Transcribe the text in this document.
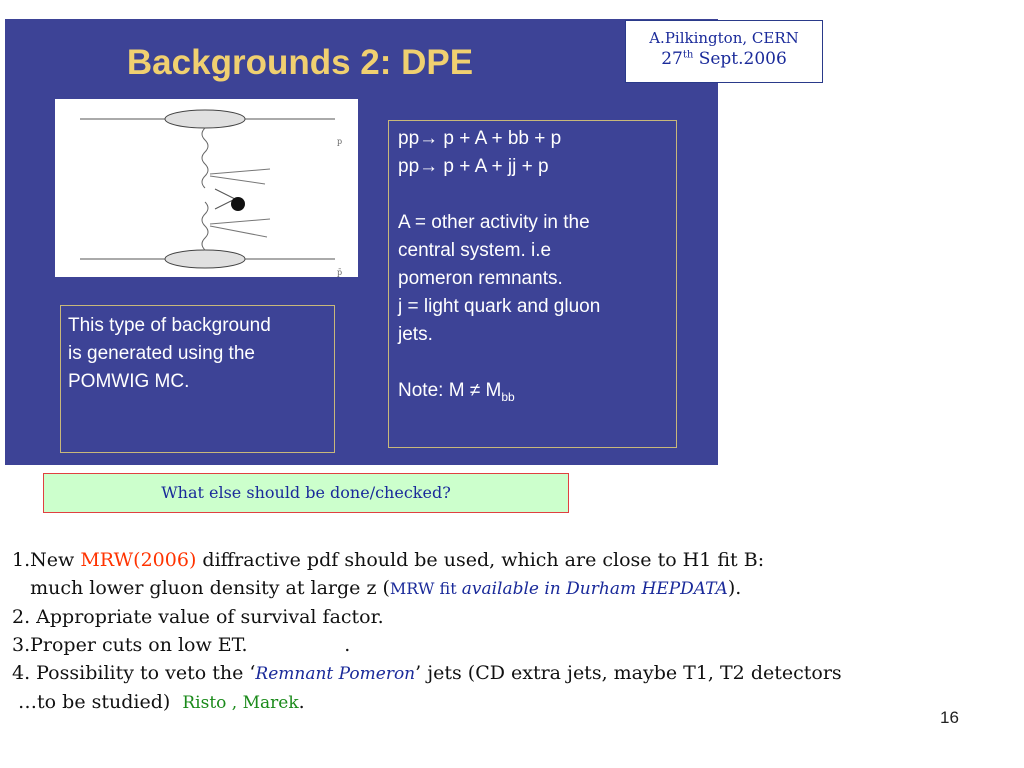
Backgrounds 2: DPE
p
p̄
pp→ p + A + bb + p
pp→ p + A + jj + p
A = other activity in the
central system. i.e
pomeron remnants.
j = light quark and gluon
jets.
Note: $M \ne M_{bb}$
This type of background
is generated using the
POMWIG MC.
A.Pilkington, CERN
27th Sept.2006
What else should be done/checked?
1.New MRW(2006) diffractive pdf should be used, which are close to H1 fit B:
much lower gluon density at large z (MRW fit available in Durham HEPDATA).
2. Appropriate value of survival factor.
3.Proper cuts on low ET.                .
4. Possibility to veto the ‘Remnant Pomeron’ jets (CD extra jets, maybe T1, T2 detectors
…to be studied)  Risto , Marek.
16
